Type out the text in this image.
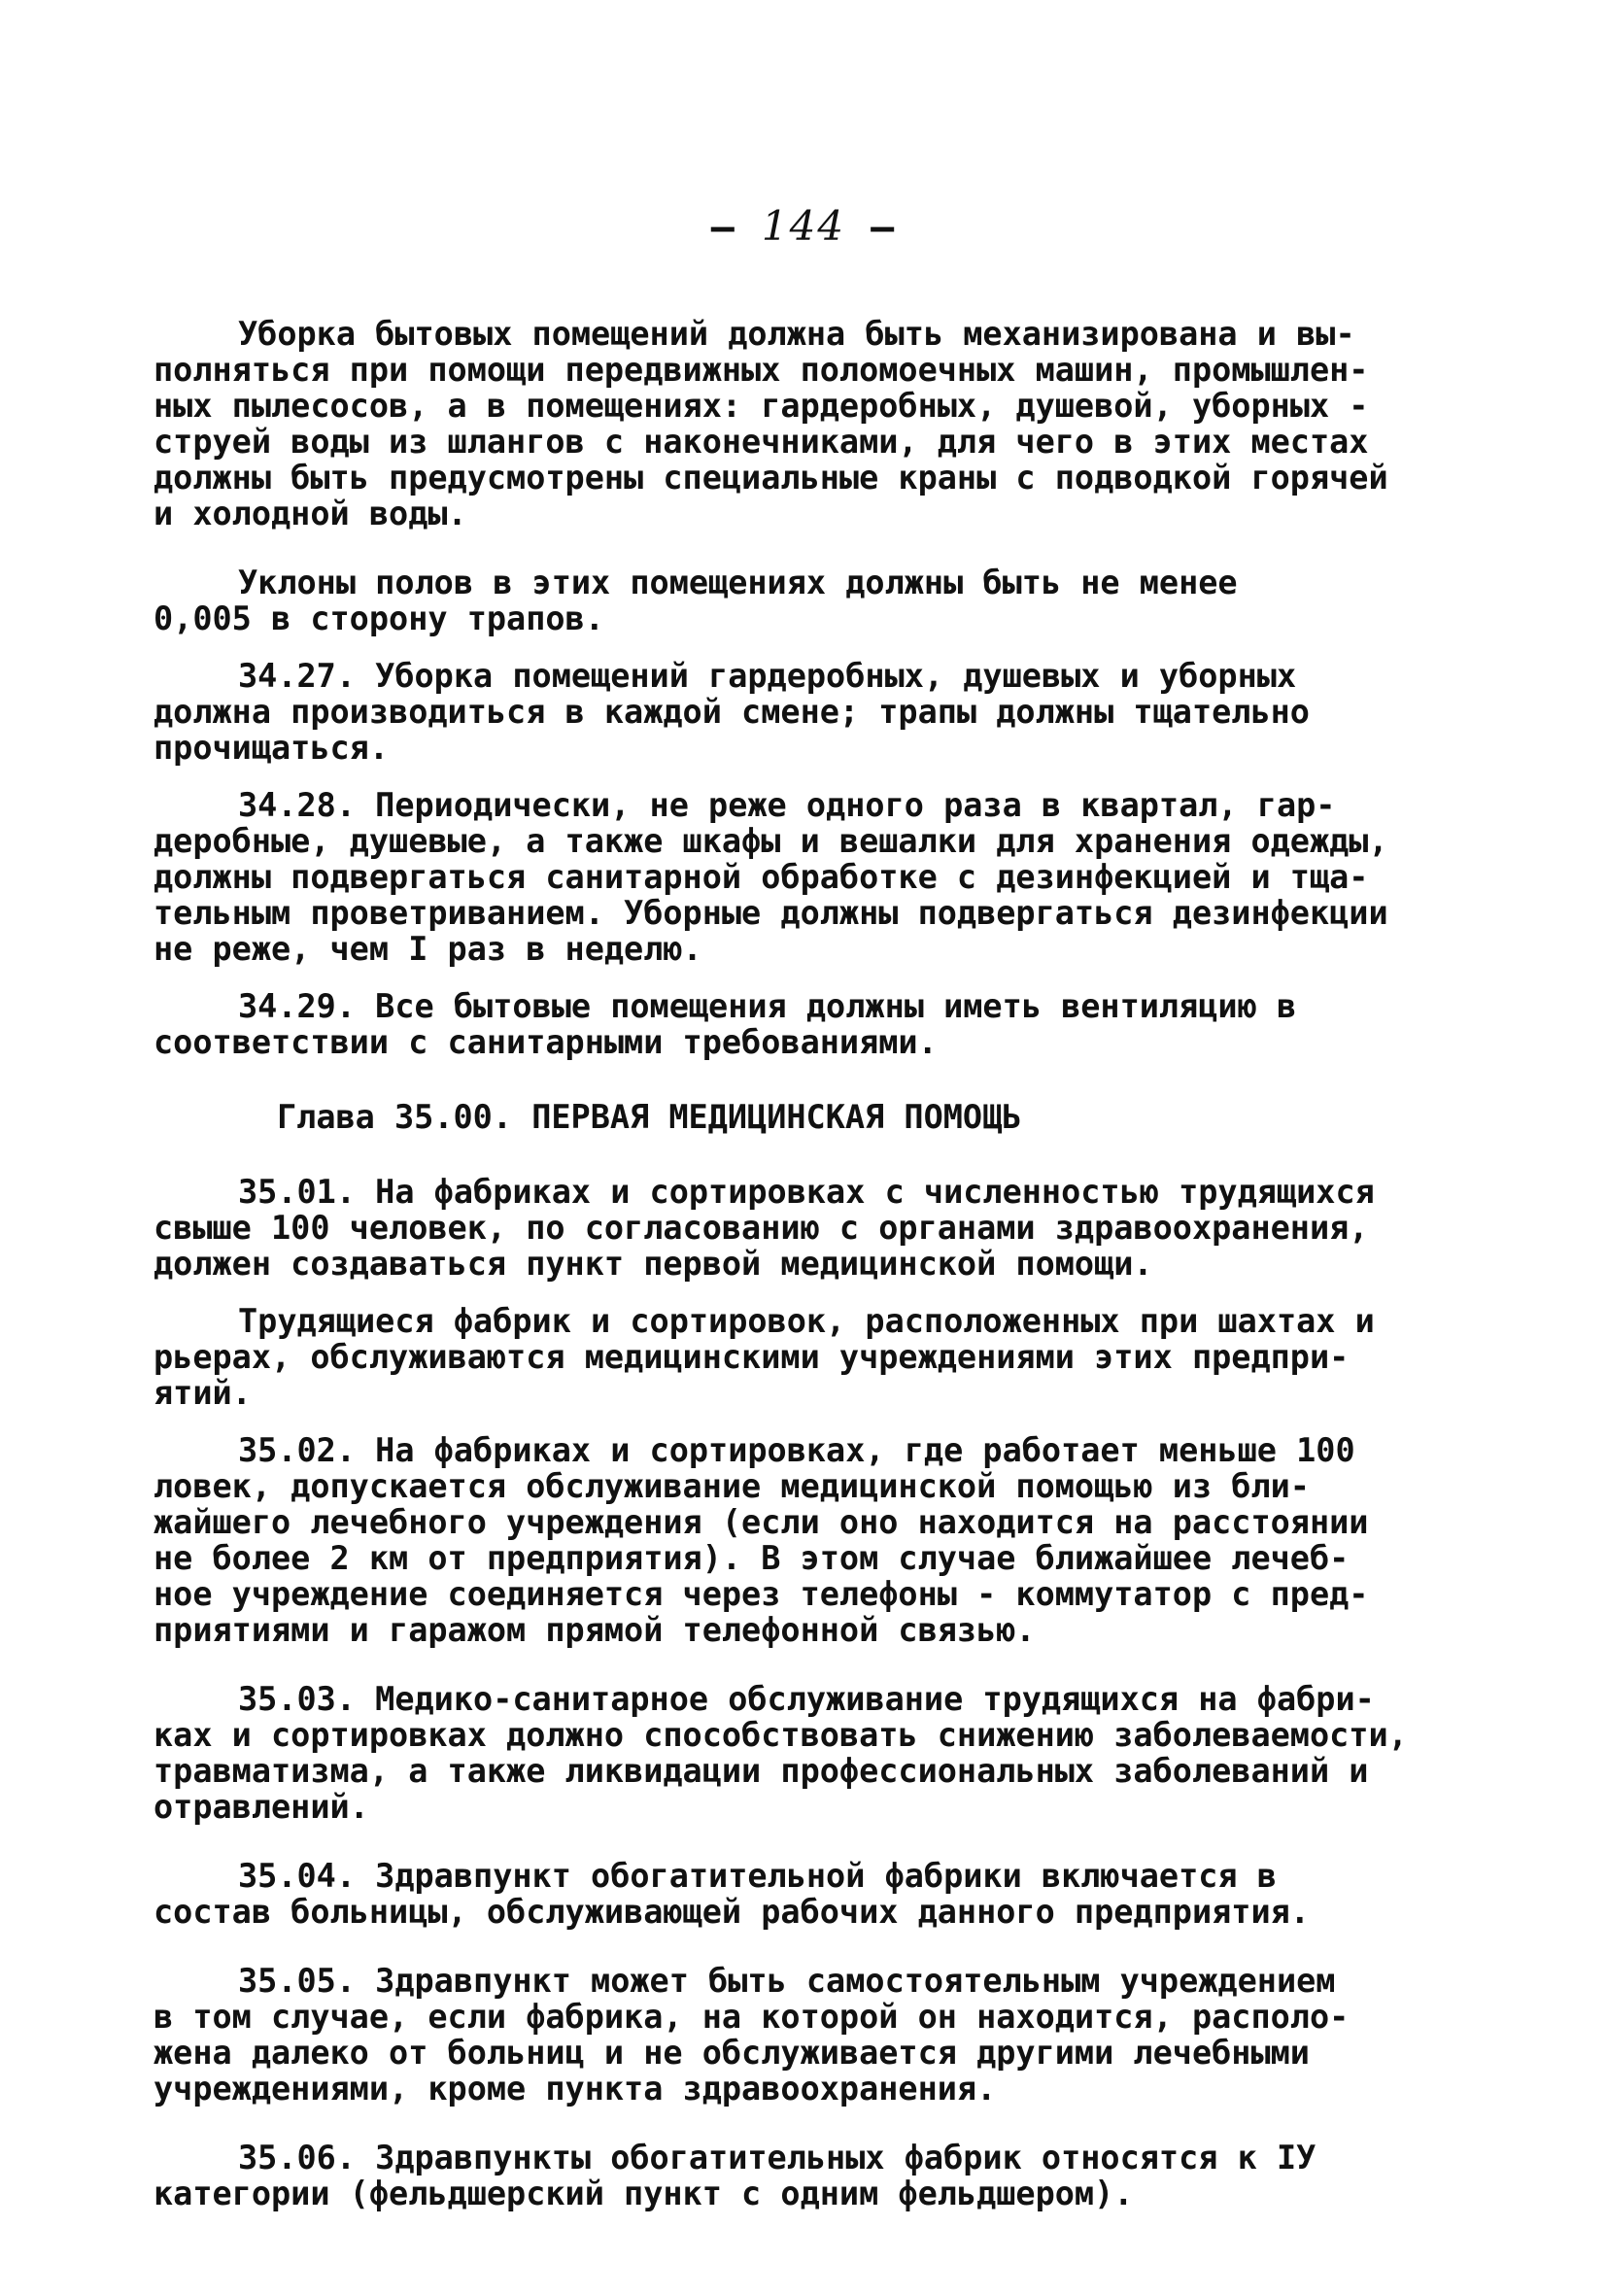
– 144 –
Уборка бытовых помещений должна быть механизирована и вы-
полняться при помощи передвижных поломоечных машин, промышлен-
ных пылесосов, а в помещениях: гардеробных, душевой, уборных -
струей воды из шлангов с наконечниками, для чего в этих местах
должны быть предусмотрены специальные краны с подводкой горячей
и холодной воды.
Уклоны полов в этих помещениях должны быть не менее
0,005 в сторону трапов.
34.27. Уборка помещений гардеробных, душевых и уборных
должна производиться в каждой смене; трапы должны тщательно
прочищаться.
34.28. Периодически, не реже одного раза в квартал, гар-
деробные, душевые, а также шкафы и вешалки для хранения одежды,
должны подвергаться санитарной обработке с дезинфекцией и тща-
тельным проветриванием. Уборные должны подвергаться дезинфекции
не реже, чем I раз в неделю.
34.29. Все бытовые помещения должны иметь вентиляцию в
соответствии с санитарными требованиями.
Глава 35.00. ПЕРВАЯ МЕДИЦИНСКАЯ ПОМОЩЬ
35.01. На фабриках и сортировках с численностью трудящихся
свыше 100 человек, по согласованию с органами здравоохранения,
должен создаваться пункт первой медицинской помощи.
Трудящиеся фабрик и сортировок, расположенных при шахтах и
рьерах, обслуживаются медицинскими учреждениями этих предпри-
ятий.
35.02. На фабриках и сортировках, где работает меньше 100
ловек, допускается обслуживание медицинской помощью из бли-
жайшего лечебного учреждения (если оно находится на расстоянии
не более 2 км от предприятия). В этом случае ближайшее лечеб-
ное учреждение соединяется через телефоны - коммутатор с пред-
приятиями и гаражом прямой телефонной связью.
35.03. Медико-санитарное обслуживание трудящихся на фабри-
ках и сортировках должно способствовать снижению заболеваемости,
травматизма, а также ликвидации профессиональных заболеваний и
отравлений.
35.04. Здравпункт обогатительной фабрики включается в
состав больницы, обслуживающей рабочих данного предприятия.
35.05. Здравпункт может быть самостоятельным учреждением
в том случае, если фабрика, на которой он находится, располо-
жена далеко от больниц и не обслуживается другими лечебными
учреждениями, кроме пункта здравоохранения.
35.06. Здравпункты обогатительных фабрик относятся к IУ
категории (фельдшерский пункт с одним фельдшером).
